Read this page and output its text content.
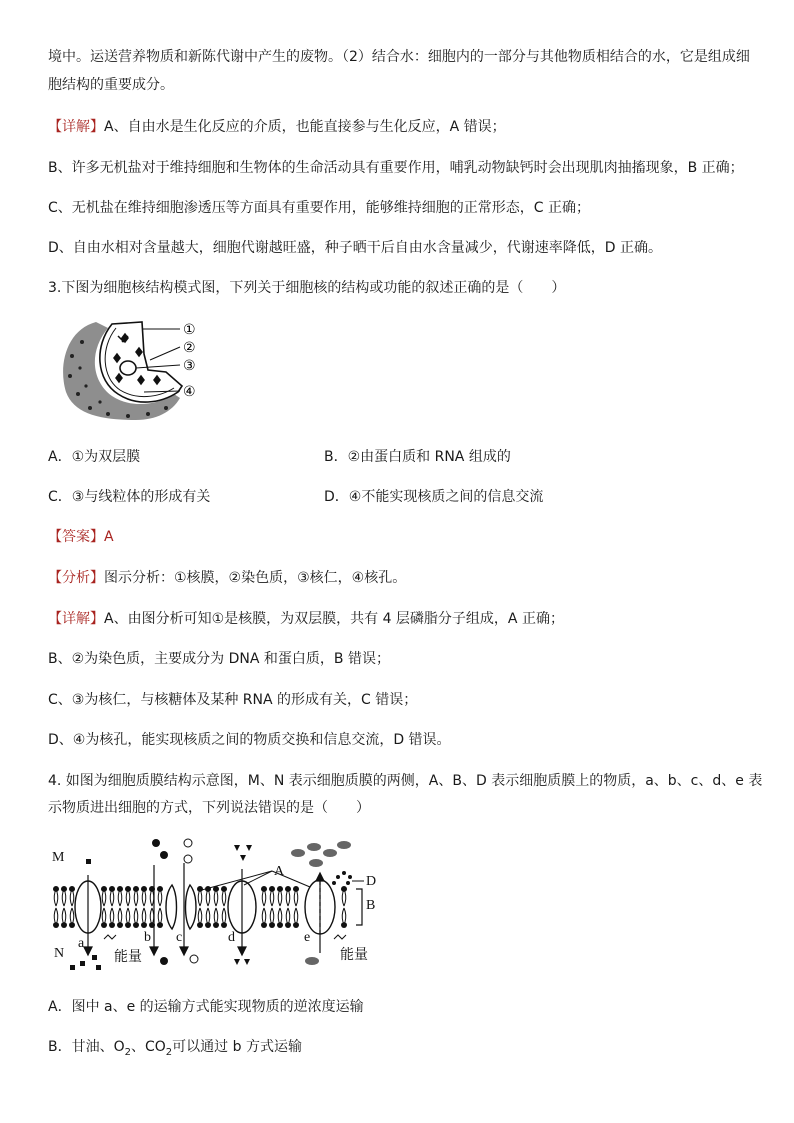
境中。运送营养物质和新陈代谢中产生的废物。（2）结合水：细胞内的一部分与其他物质相结合的水，它是组成细
胞结构的重要成分。
【详解】A、自由水是生化反应的介质，也能直接参与生化反应，A 错误；
B、许多无机盐对于维持细胞和生物体的生命活动具有重要作用，哺乳动物缺钙时会出现肌肉抽搐现象，B 正确；
C、无机盐在维持细胞渗透压等方面具有重要作用，能够维持细胞的正常形态，C 正确；
D、自由水相对含量越大，细胞代谢越旺盛，种子晒干后自由水含量减少，代谢速率降低，D 正确。
3.下图为细胞核结构模式图，下列关于细胞核的结构或功能的叙述正确的是（　　）
①
②
③
④
A．①为双层膜	B．②由蛋白质和 RNA 组成的
C．③与线粒体的形成有关	D．④不能实现核质之间的信息交流
【答案】A
【分析】图示分析：①核膜，②染色质，③核仁，④核孔。
【详解】A、由图分析可知①是核膜，为双层膜，共有 4 层磷脂分子组成，A 正确；
B、②为染色质，主要成分为 DNA 和蛋白质，B 错误；
C、③为核仁，与核糖体及某种 RNA 的形成有关，C 错误；
D、④为核孔，能实现核质之间的物质交换和信息交流，D 错误。
4. 如图为细胞质膜结构示意图，M、N 表示细胞质膜的两侧，A、B、D 表示细胞质膜上的物质，a、b、c、d、e 表
示物质进出细胞的方式，下列说法错误的是（　　）
M
N
A
B
D
a	b c	d	e
能量	能量
A．图中 a、e 的运输方式能实现物质的逆浓度运输
B．甘油、$O_2$、$CO_2$可以通过 b 方式运输
